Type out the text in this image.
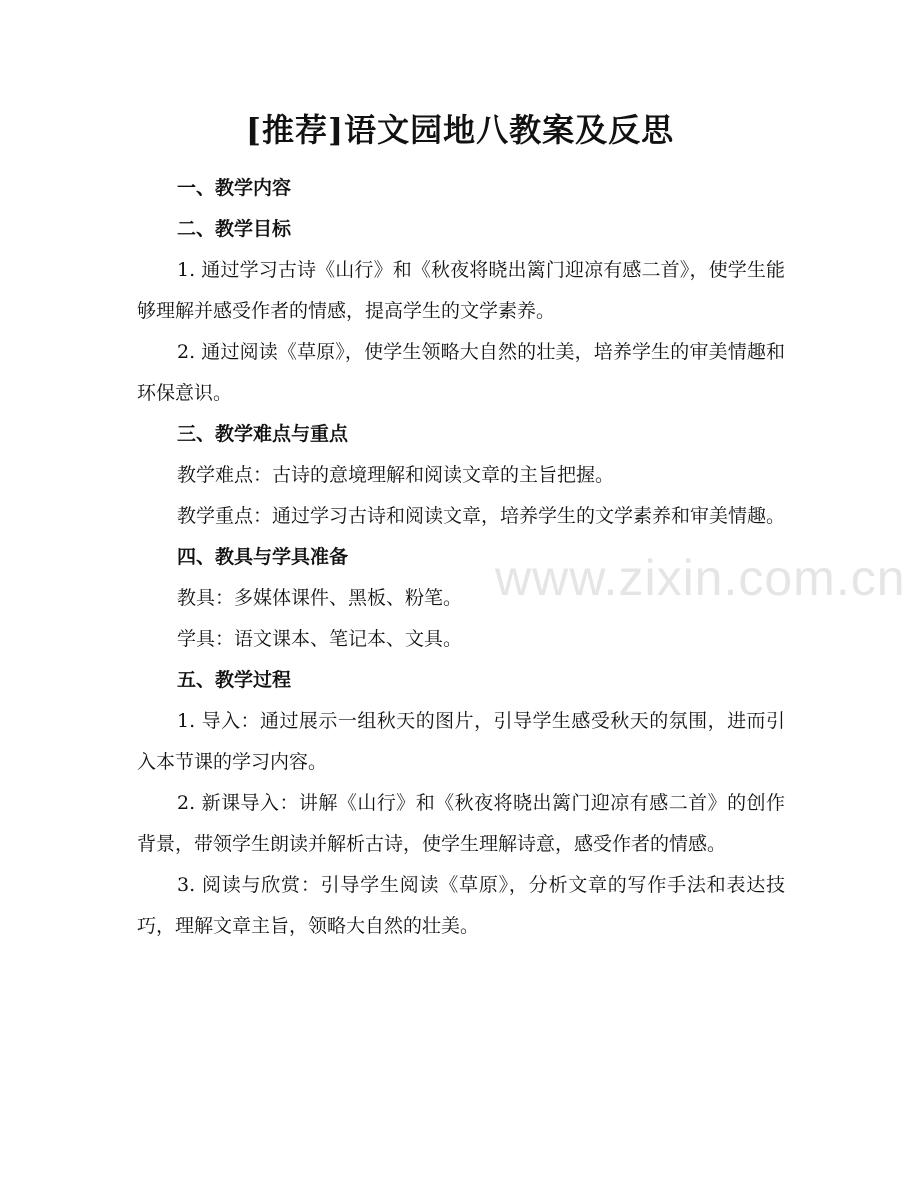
[推荐]语文园地八教案及反思

一、教学内容

二、教学目标

1. 通过学习古诗《山行》和《秋夜将晓出篱门迎凉有感二首》，使学生能够理解并感受作者的情感，提高学生的文学素养。

2. 通过阅读《草原》，使学生领略大自然的壮美，培养学生的审美情趣和环保意识。

三、教学难点与重点

教学难点：古诗的意境理解和阅读文章的主旨把握。

教学重点：通过学习古诗和阅读文章，培养学生的文学素养和审美情趣。

四、教具与学具准备

教具：多媒体课件、黑板、粉笔。

学具：语文课本、笔记本、文具。

五、教学过程

1. 导入：通过展示一组秋天的图片，引导学生感受秋天的氛围，进而引入本节课的学习内容。

2. 新课导入：讲解《山行》和《秋夜将晓出篱门迎凉有感二首》的创作背景，带领学生朗读并解析古诗，使学生理解诗意，感受作者的情感。

3. 阅读与欣赏：引导学生阅读《草原》，分析文章的写作手法和表达技巧，理解文章主旨，领略大自然的壮美。

www.zixin.com.cn
